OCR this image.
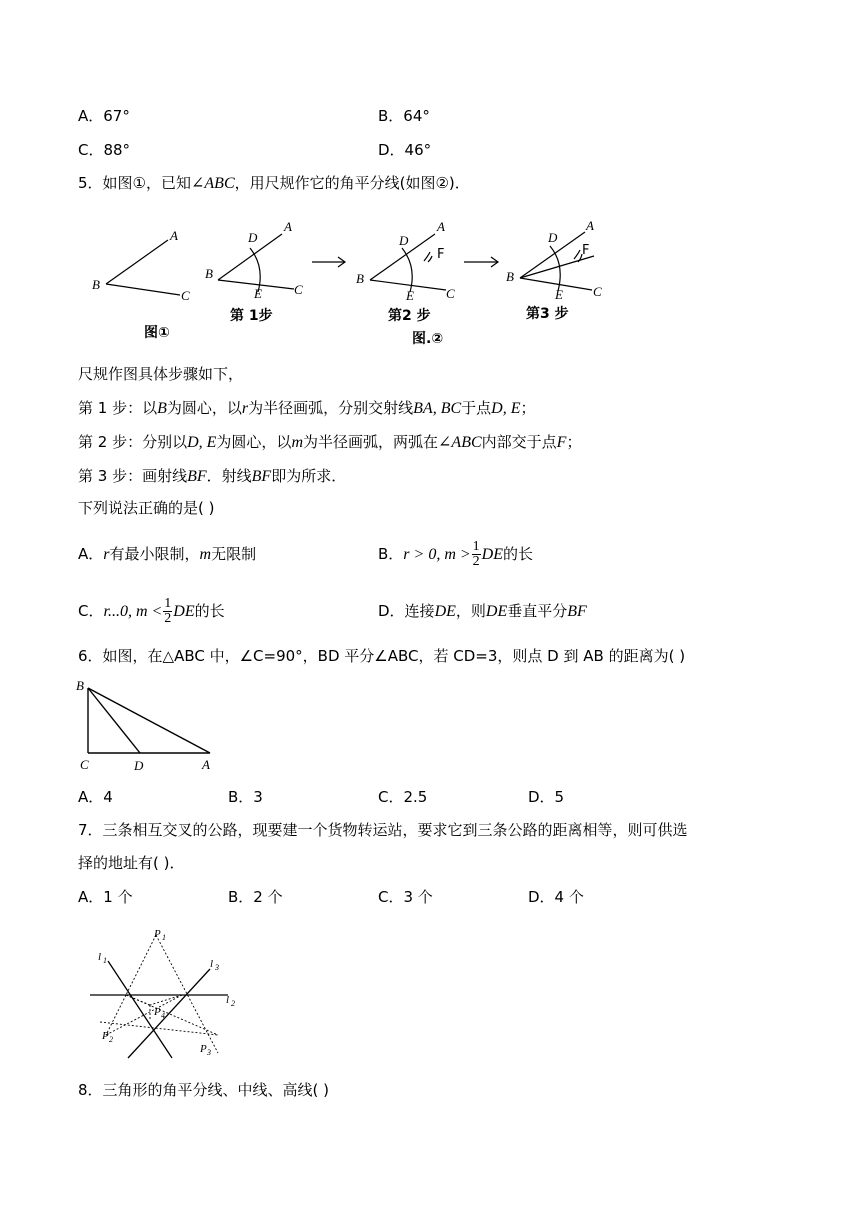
A．67°	B．64°
C．88°	D．46°
5．如图①，已知∠ABC，用尺规作它的角平分线(如图②)．
A
B
C
图①
A
D
B
C
E
第 1步
A
D
B
C
E
F
第2 步
图.②
A
D
B
C
E
F
第3 步
尺规作图具体步骤如下，
第 1 步：以B为圆心，以r为半径画弧，分别交射线BA, BC于点D, E；
第 2 步：分别以D, E为圆心，以m为半径画弧，两弧在∠ABC内部交于点F；
第 3 步：画射线BF．射线BF即为所求．
下列说法正确的是( )
A．r有最小限制，m无限制	B．r > 0, $m > \frac{1}{2}$ DE的长
C．r...0, $m < \frac{1}{2}$ DE的长	D．连接DE，则DE垂直平分BF
6．如图，在△ABC 中，∠C=90°，BD 平分∠ABC，若 CD=3，则点 D 到 AB 的距离为( )
B
C	D	A
A．4	B．3	C．2.5	D．5
7．三条相互交叉的公路，现要建一个货物转运站，要求它到三条公路的距离相等，则可供选
择的地址有( )．
A．1 个	B．2 个	C．3 个	D．4 个
P 1
l 1	l 3
l 2
P 4
P 2
P 3
8．三角形的角平分线、中线、高线( )
